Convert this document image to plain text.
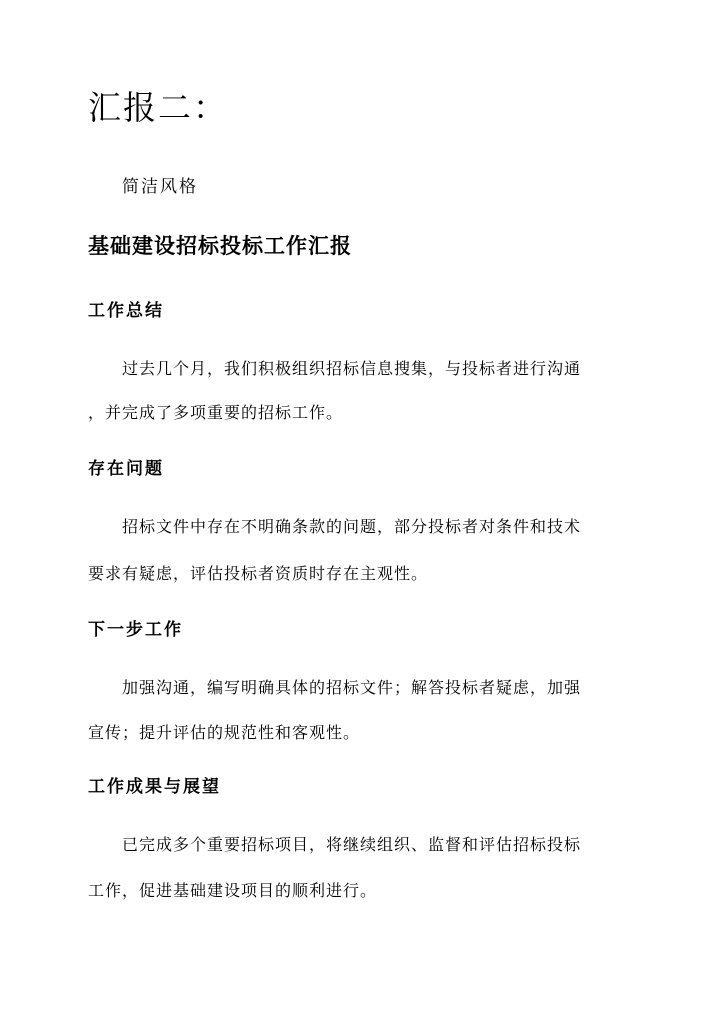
汇报二：

简洁风格

基础建设招标投标工作汇报
工作总结
过去几个月，我们积极组织招标信息搜集，与投标者进行沟通
，并完成了多项重要的招标工作。
存在问题
招标文件中存在不明确条款的问题，部分投标者对条件和技术
要求有疑虑，评估投标者资质时存在主观性。
下一步工作
加强沟通，编写明确具体的招标文件；解答投标者疑虑，加强
宣传；提升评估的规范性和客观性。
工作成果与展望
已完成多个重要招标项目，将继续组织、监督和评估招标投标
工作，促进基础建设项目的顺利进行。
